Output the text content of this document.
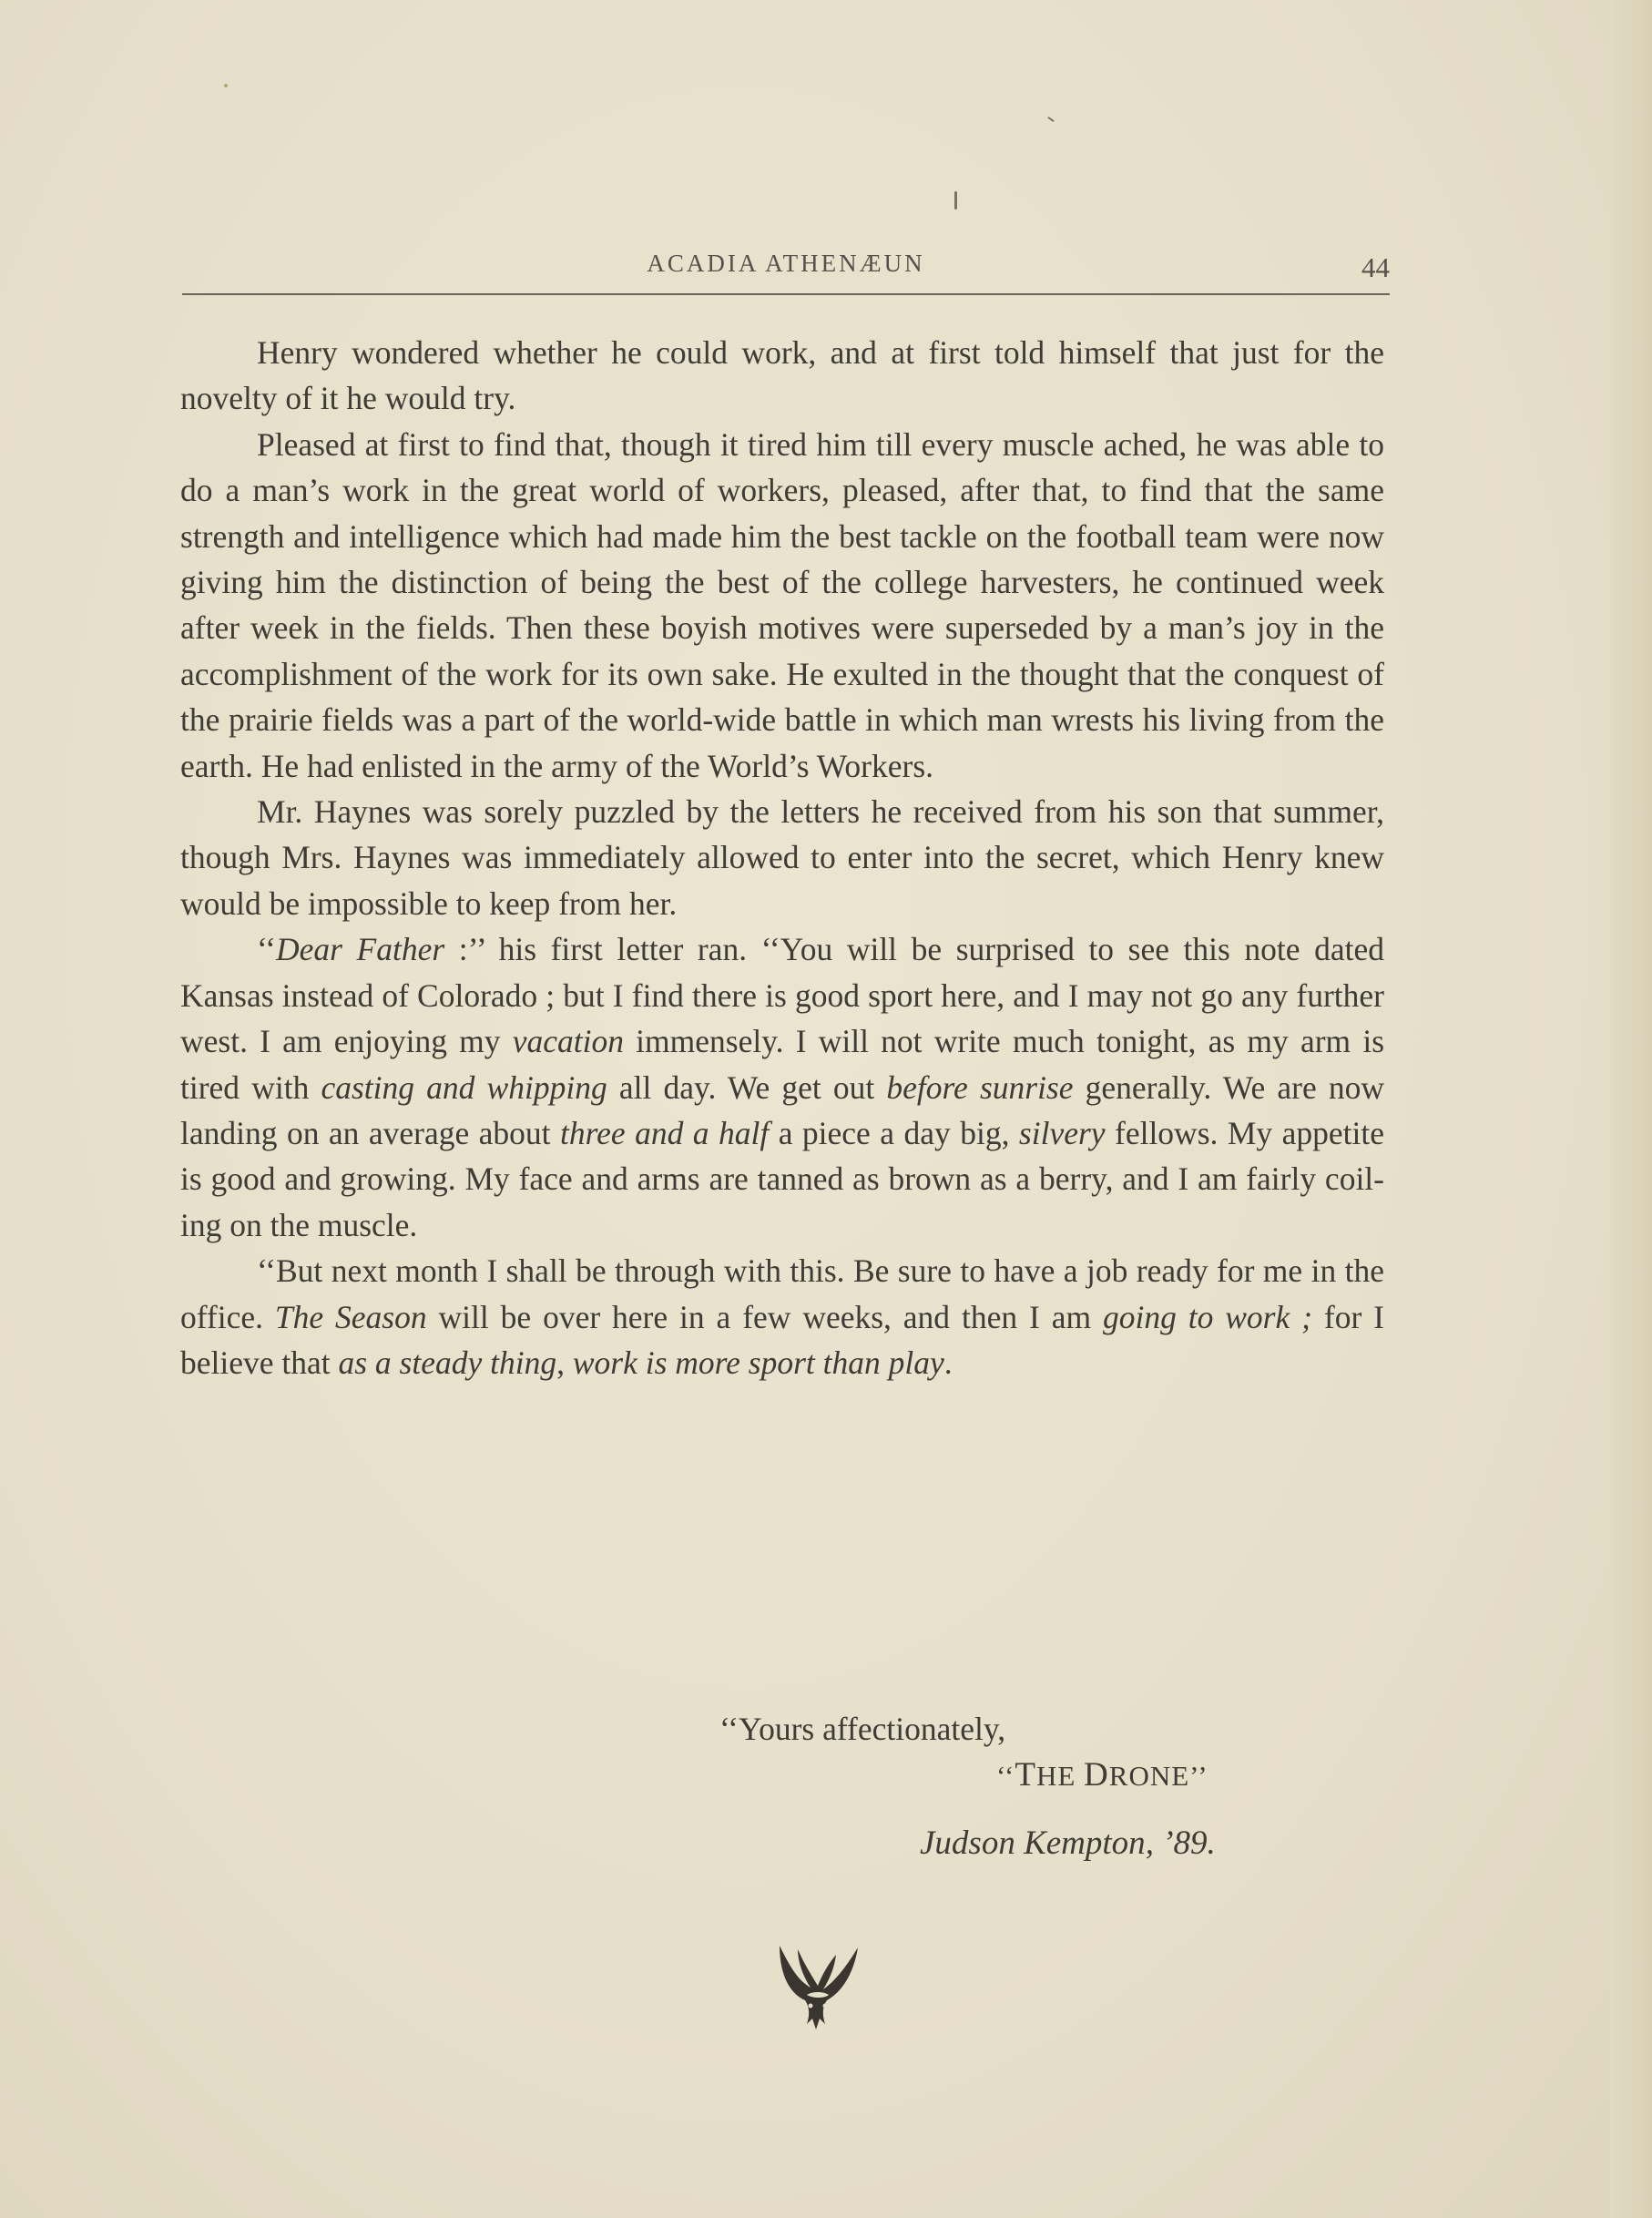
ACADIA ATHENÆUN	44

Henry wondered whether he could work, and at first told himself that just for the novelty of it he would try.

Pleased at first to find that, though it tired him till every muscle ached, he was able to do a man’s work in the great world of workers, pleased, after that, to find that the same strength and intelligence which had made him the best tackle on the football team were now giving him the distinction of being the best of the college harvesters, he continued week after week in the fields. Then these boyish motives were superseded by a man’s joy in the accomplishment of the work for its own sake. He exulted in the thought that the conquest of the prairie fields was a part of the world-wide battle in which man wrests his living from the earth. He had enlisted in the army of the World’s Workers.

Mr. Haynes was sorely puzzled by the letters he received from his son that summer, though Mrs. Haynes was immediately allowed to enter into the secret, which Henry knew would be impossible to keep from her.

‘‘Dear Father :’’ his first letter ran. ‘‘You will be surprised to see this note dated Kansas instead of Colorado ; but I find there is good sport here, and I may not go any further west. I am enjoying my vacation immensely. I will not write much tonight, as my arm is tired with casting and whipping all day. We get out before sunrise generally. We are now landing on an average about three and a half a piece a day big, silvery fellows. My appetite is good and growing. My face and arms are tanned as brown as a berry, and I am fairly coil-ing on the muscle.

‘‘But next month I shall be through with this. Be sure to have a job ready for me in the office. The Season will be over here in a few weeks, and then I am going to work ; for I believe that as a steady thing, work is more sport than play.

‘‘Yours affectionately,
‘‘THE DRONE’’
Judson Kempton, ’89.
